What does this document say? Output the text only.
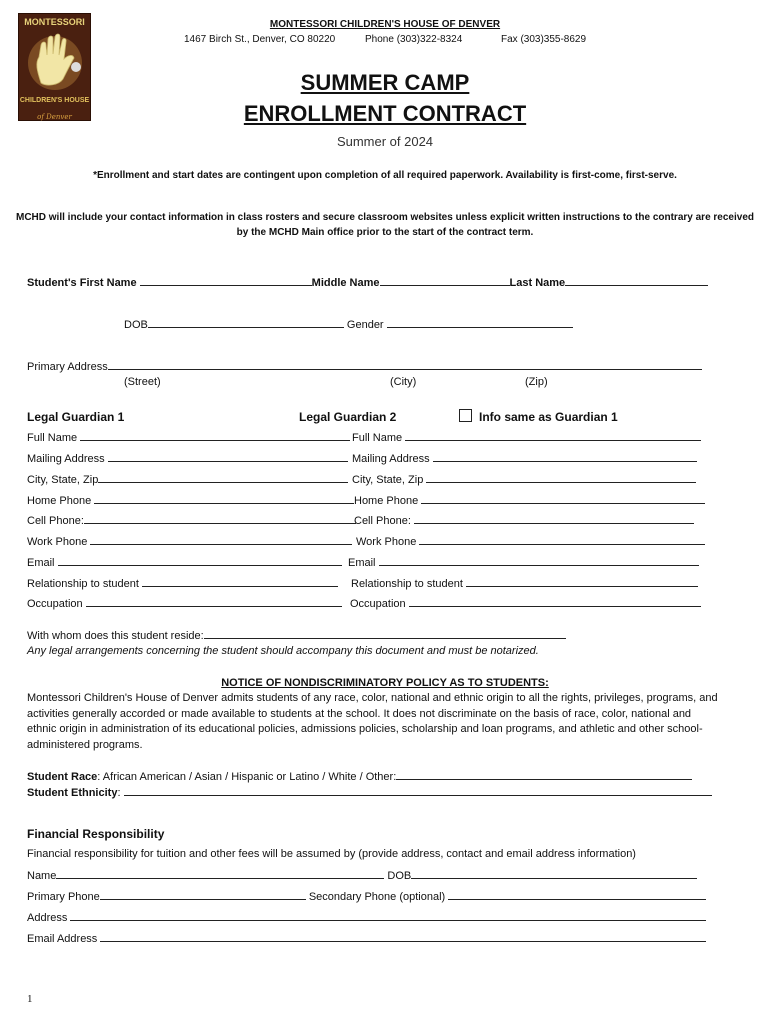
MONTESSORI
CHILDREN'S HOUSE
of Denver
MONTESSORI CHILDREN'S HOUSE OF DENVER
1467 Birch St., Denver, CO 80220	Phone (303)322-8324	Fax (303)355-8629
SUMMER CAMP
ENROLLMENT CONTRACT
Summer of 2024
*Enrollment and start dates are contingent upon completion of all required paperwork. Availability is first-come, first-serve.
MCHD will include your contact information in class rosters and secure classroom websites unless explicit written instructions to the contrary are received
by the MCHD Main office prior to the start of the contract term.
Student's First Name	Middle Name	Last Name
DOB	Gender
Primary Address
(Street)	(City)	(Zip)
Legal Guardian 1	Legal Guardian 2	Info same as Guardian 1
Full Name	Full Name
Mailing Address	Mailing Address
City, State, Zip	City, State, Zip
Home Phone	Home Phone
Cell Phone:	Cell Phone:
Work Phone	Work Phone
Email	Email
Relationship to student	Relationship to student
Occupation	Occupation
With whom does this student reside:
Any legal arrangements concerning the student should accompany this document and must be notarized.
NOTICE OF NONDISCRIMINATORY POLICY AS TO STUDENTS:
Montessori Children's House of Denver admits students of any race, color, national and ethnic origin to all the rights, privileges, programs, and
activities generally accorded or made available to students at the school. It does not discriminate on the basis of race, color, national and
ethnic origin in administration of its educational policies, admissions policies, scholarship and loan programs, and athletic and other school-
administered programs.
Student Race: African American / Asian / Hispanic or Latino / White / Other:
Student Ethnicity:
Financial Responsibility
Financial responsibility for tuition and other fees will be assumed by (provide address, contact and email address information)
Name	DOB
Primary Phone	Secondary Phone (optional)
Address
Email Address
1
